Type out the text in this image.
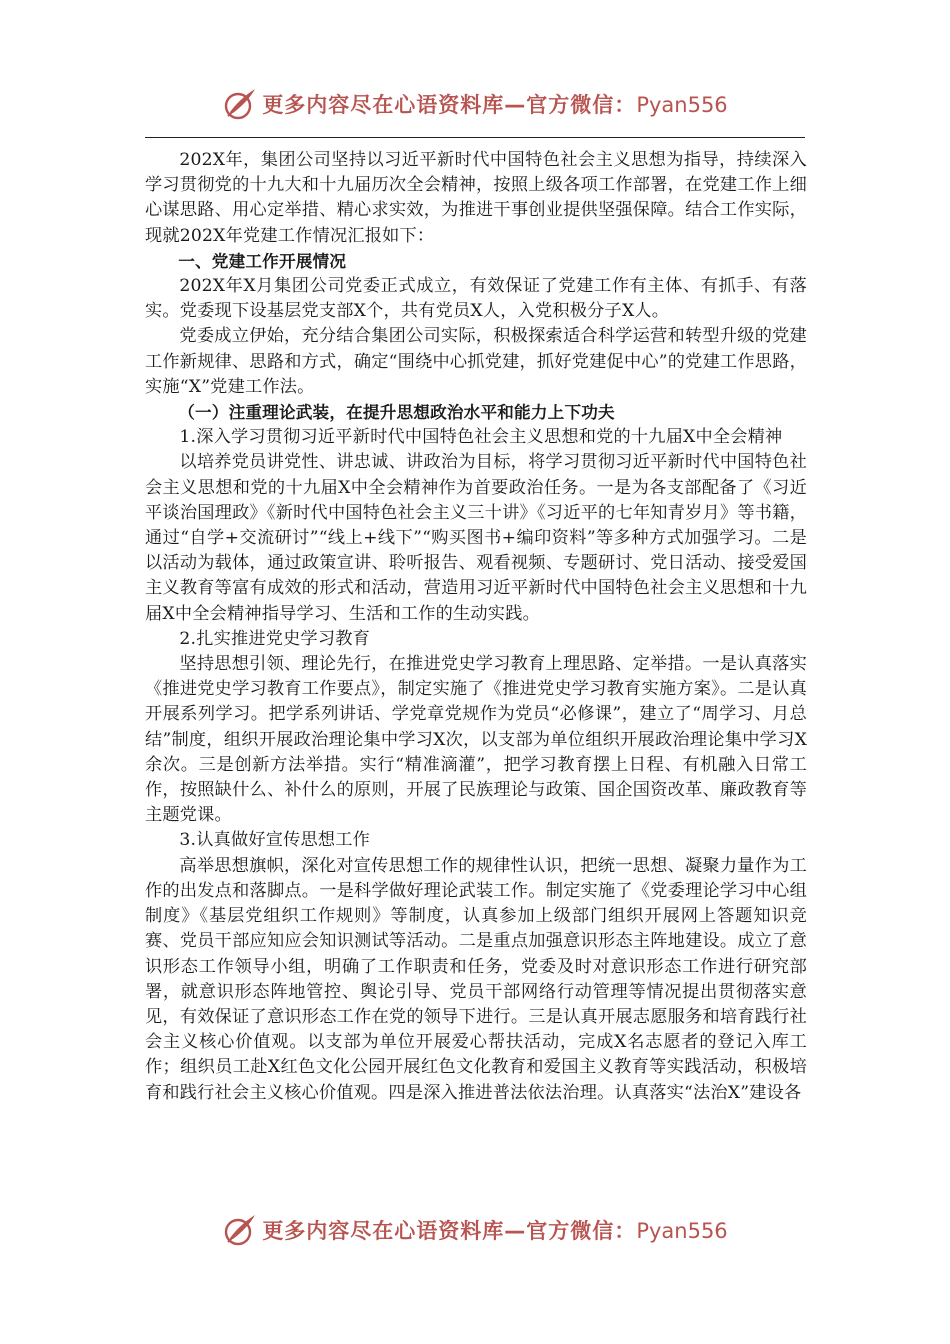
更多内容尽在心语资料库—官方微信：Pyan556

202X年，集团公司坚持以习近平新时代中国特色社会主义思想为指导，持续深入学习贯彻党的十九大和十九届历次全会精神，按照上级各项工作部署，在党建工作上细心谋思路、用心定举措、精心求实效，为推进干事创业提供坚强保障。结合工作实际，现就202X年党建工作情况汇报如下：

一、党建工作开展情况

202X年X月集团公司党委正式成立，有效保证了党建工作有主体、有抓手、有落实。党委现下设基层党支部X个，共有党员X人，入党积极分子X人。

党委成立伊始，充分结合集团公司实际，积极探索适合科学运营和转型升级的党建工作新规律、思路和方式，确定“围绕中心抓党建，抓好党建促中心”的党建工作思路，实施“X”党建工作法。

（一）注重理论武装，在提升思想政治水平和能力上下功夫

1.深入学习贯彻习近平新时代中国特色社会主义思想和党的十九届X中全会精神

以培养党员讲党性、讲忠诚、讲政治为目标，将学习贯彻习近平新时代中国特色社会主义思想和党的十九届X中全会精神作为首要政治任务。一是为各支部配备了《习近平谈治国理政》《新时代中国特色社会主义三十讲》《习近平的七年知青岁月》等书籍，通过“自学+交流研讨”“线上+线下”“购买图书+编印资料”等多种方式加强学习。二是以活动为载体，通过政策宣讲、聆听报告、观看视频、专题研讨、党日活动、接受爱国主义教育等富有成效的形式和活动，营造用习近平新时代中国特色社会主义思想和十九届X中全会精神指导学习、生活和工作的生动实践。

2.扎实推进党史学习教育

坚持思想引领、理论先行，在推进党史学习教育上理思路、定举措。一是认真落实《推进党史学习教育工作要点》，制定实施了《推进党史学习教育实施方案》。二是认真开展系列学习。把学系列讲话、学党章党规作为党员“必修课”，建立了“周学习、月总结”制度，组织开展政治理论集中学习X次，以支部为单位组织开展政治理论集中学习X余次。三是创新方法举措。实行“精准滴灌”，把学习教育摆上日程、有机融入日常工作，按照缺什么、补什么的原则，开展了民族理论与政策、国企国资改革、廉政教育等主题党课。

3.认真做好宣传思想工作

高举思想旗帜，深化对宣传思想工作的规律性认识，把统一思想、凝聚力量作为工作的出发点和落脚点。一是科学做好理论武装工作。制定实施了《党委理论学习中心组制度》《基层党组织工作规则》等制度，认真参加上级部门组织开展网上答题知识竞赛、党员干部应知应会知识测试等活动。二是重点加强意识形态主阵地建设。成立了意识形态工作领导小组，明确了工作职责和任务，党委及时对意识形态工作进行研究部署，就意识形态阵地管控、舆论引导、党员干部网络行动管理等情况提出贯彻落实意见，有效保证了意识形态工作在党的领导下进行。三是认真开展志愿服务和培育践行社会主义核心价值观。以支部为单位开展爱心帮扶活动，完成X名志愿者的登记入库工作；组织员工赴X红色文化公园开展红色文化教育和爱国主义教育等实践活动，积极培育和践行社会主义核心价值观。四是深入推进普法依法治理。认真落实“法治X”建设各

更多内容尽在心语资料库—官方微信：Pyan556
